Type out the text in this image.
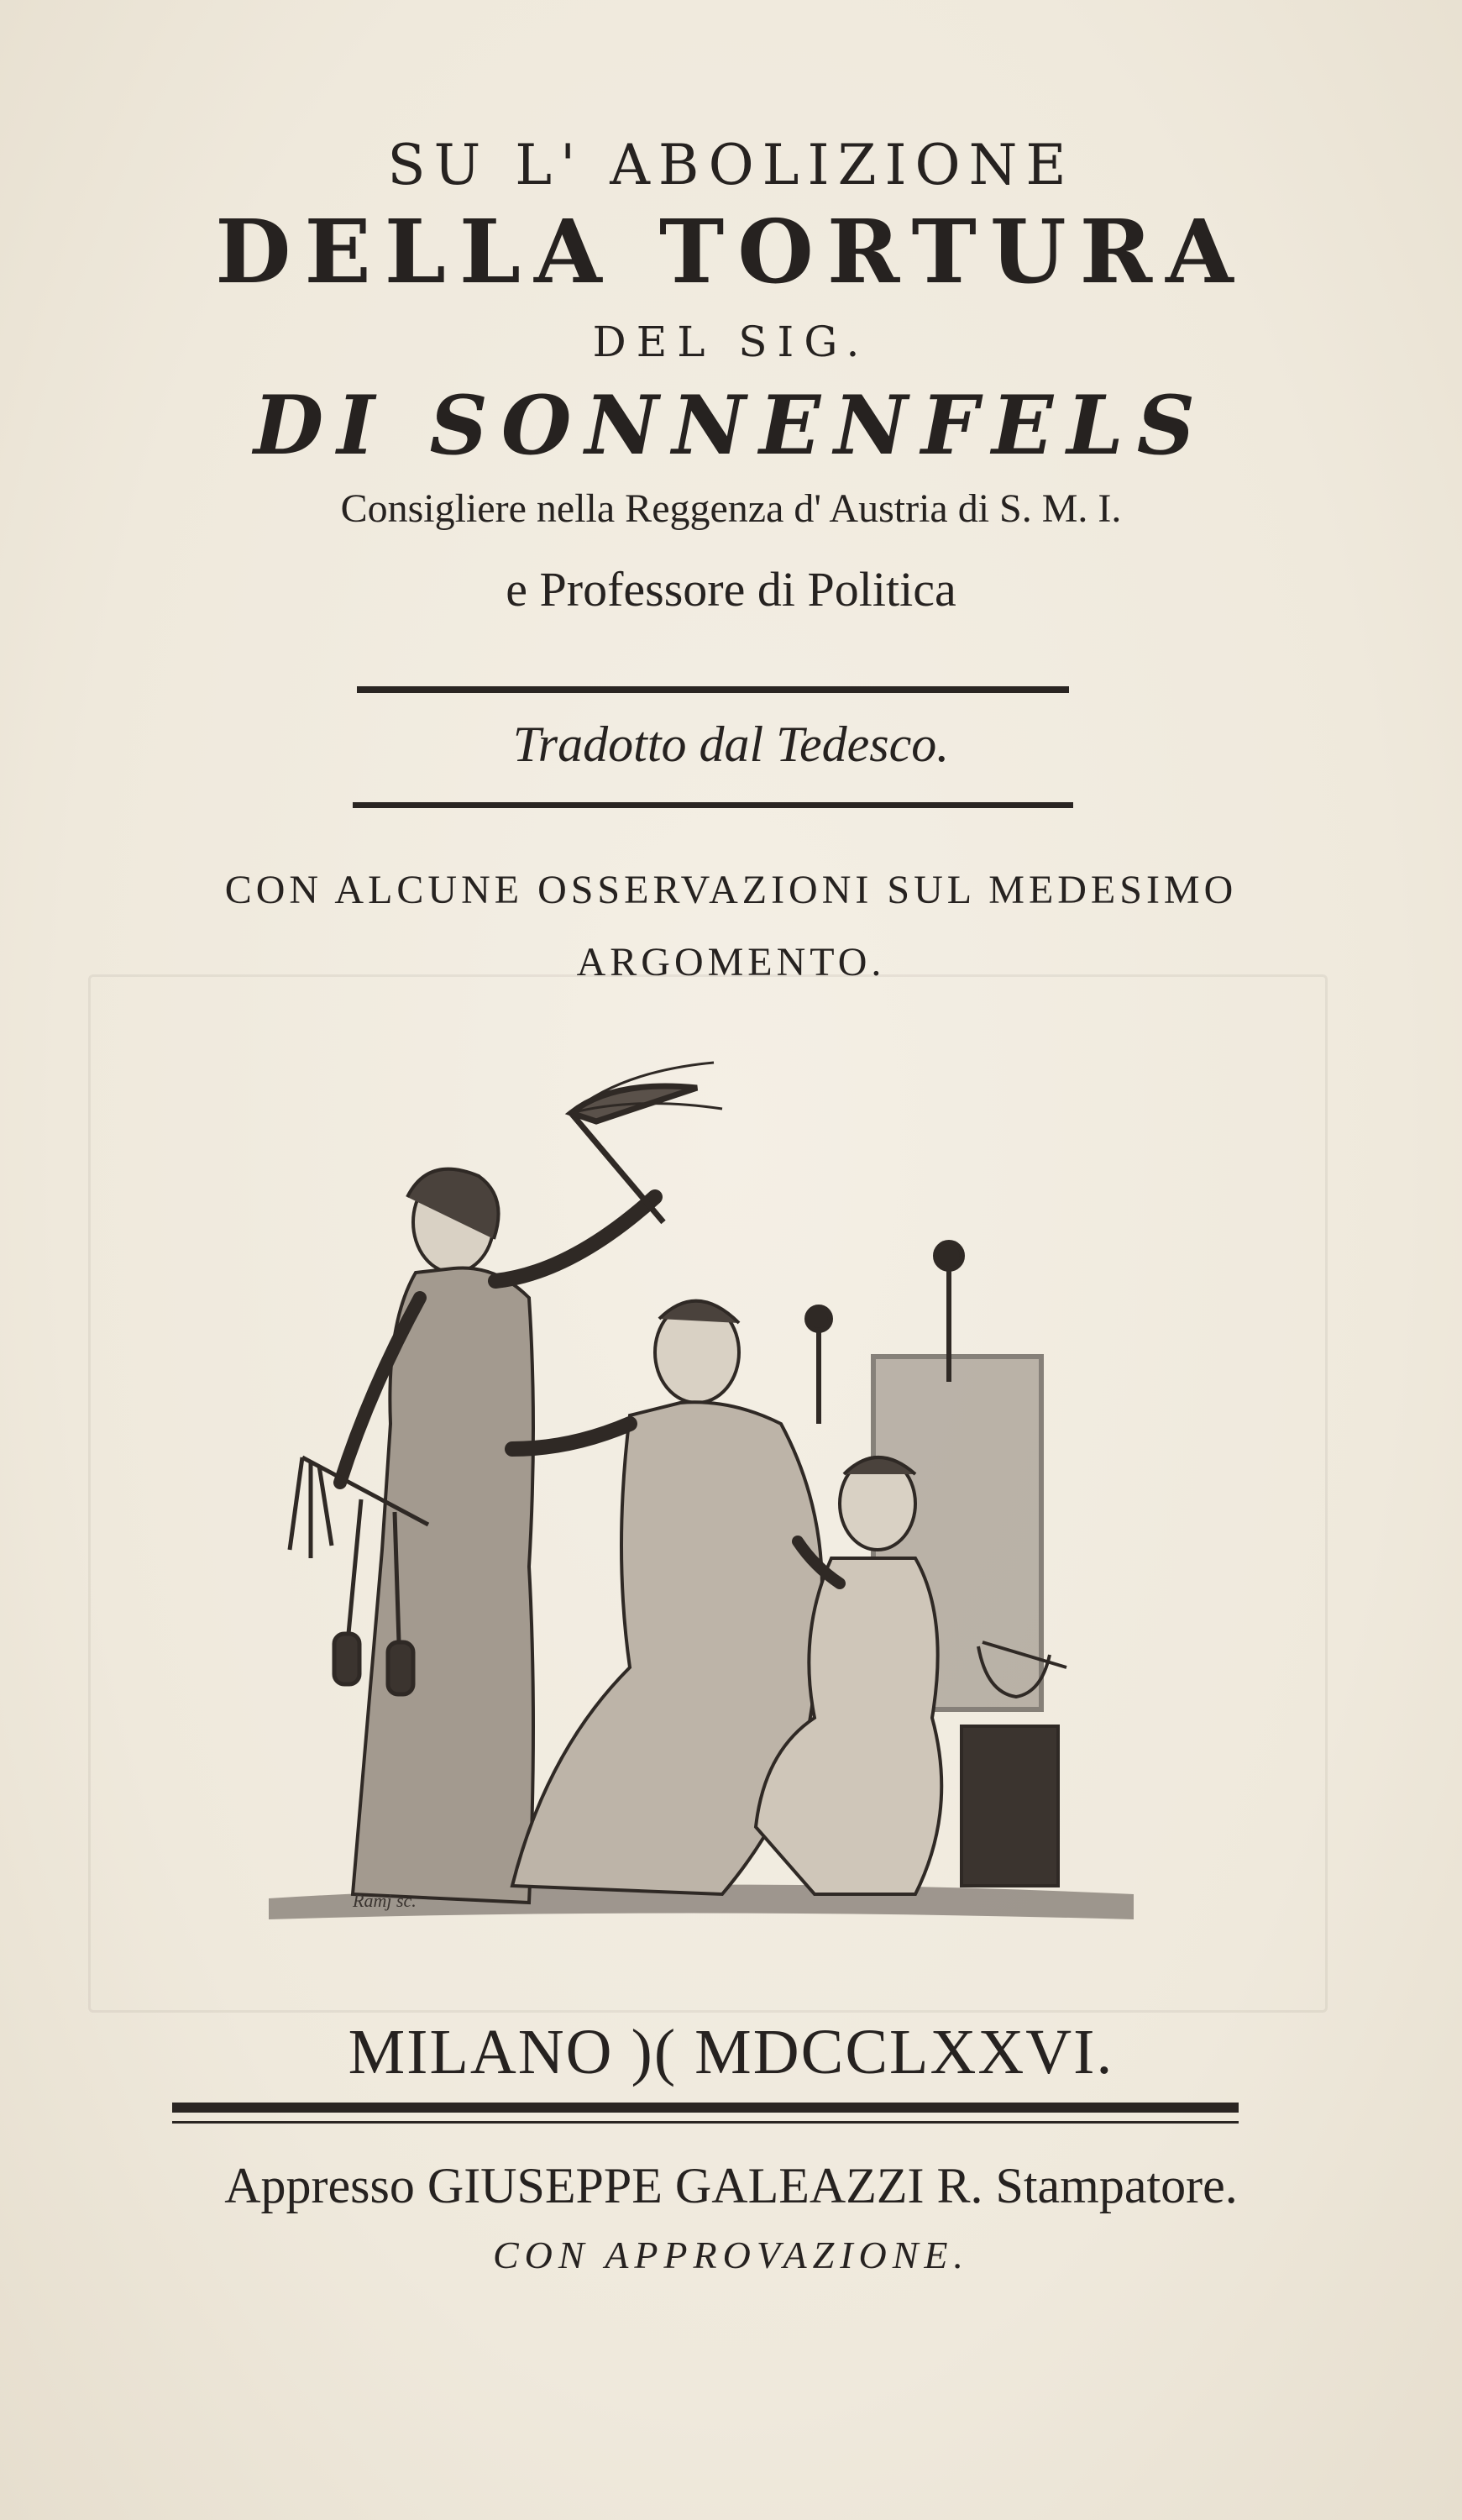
SU L' ABOLIZIONE
DELLA TORTURA
DEL SIG.
DI SONNENFELS
Consigliere nella Reggenza d' Austria di S. M. I.
e Professore di Politica
Tradotto dal Tedesco.
CON ALCUNE OSSERVAZIONI SUL MEDESIMO
ARGOMENTO.
Ramj sc.
MILANO )( MDCCLXXVI.
Appresso GIUSEPPE GALEAZZI R. Stampatore.
CON APPROVAZIONE.
